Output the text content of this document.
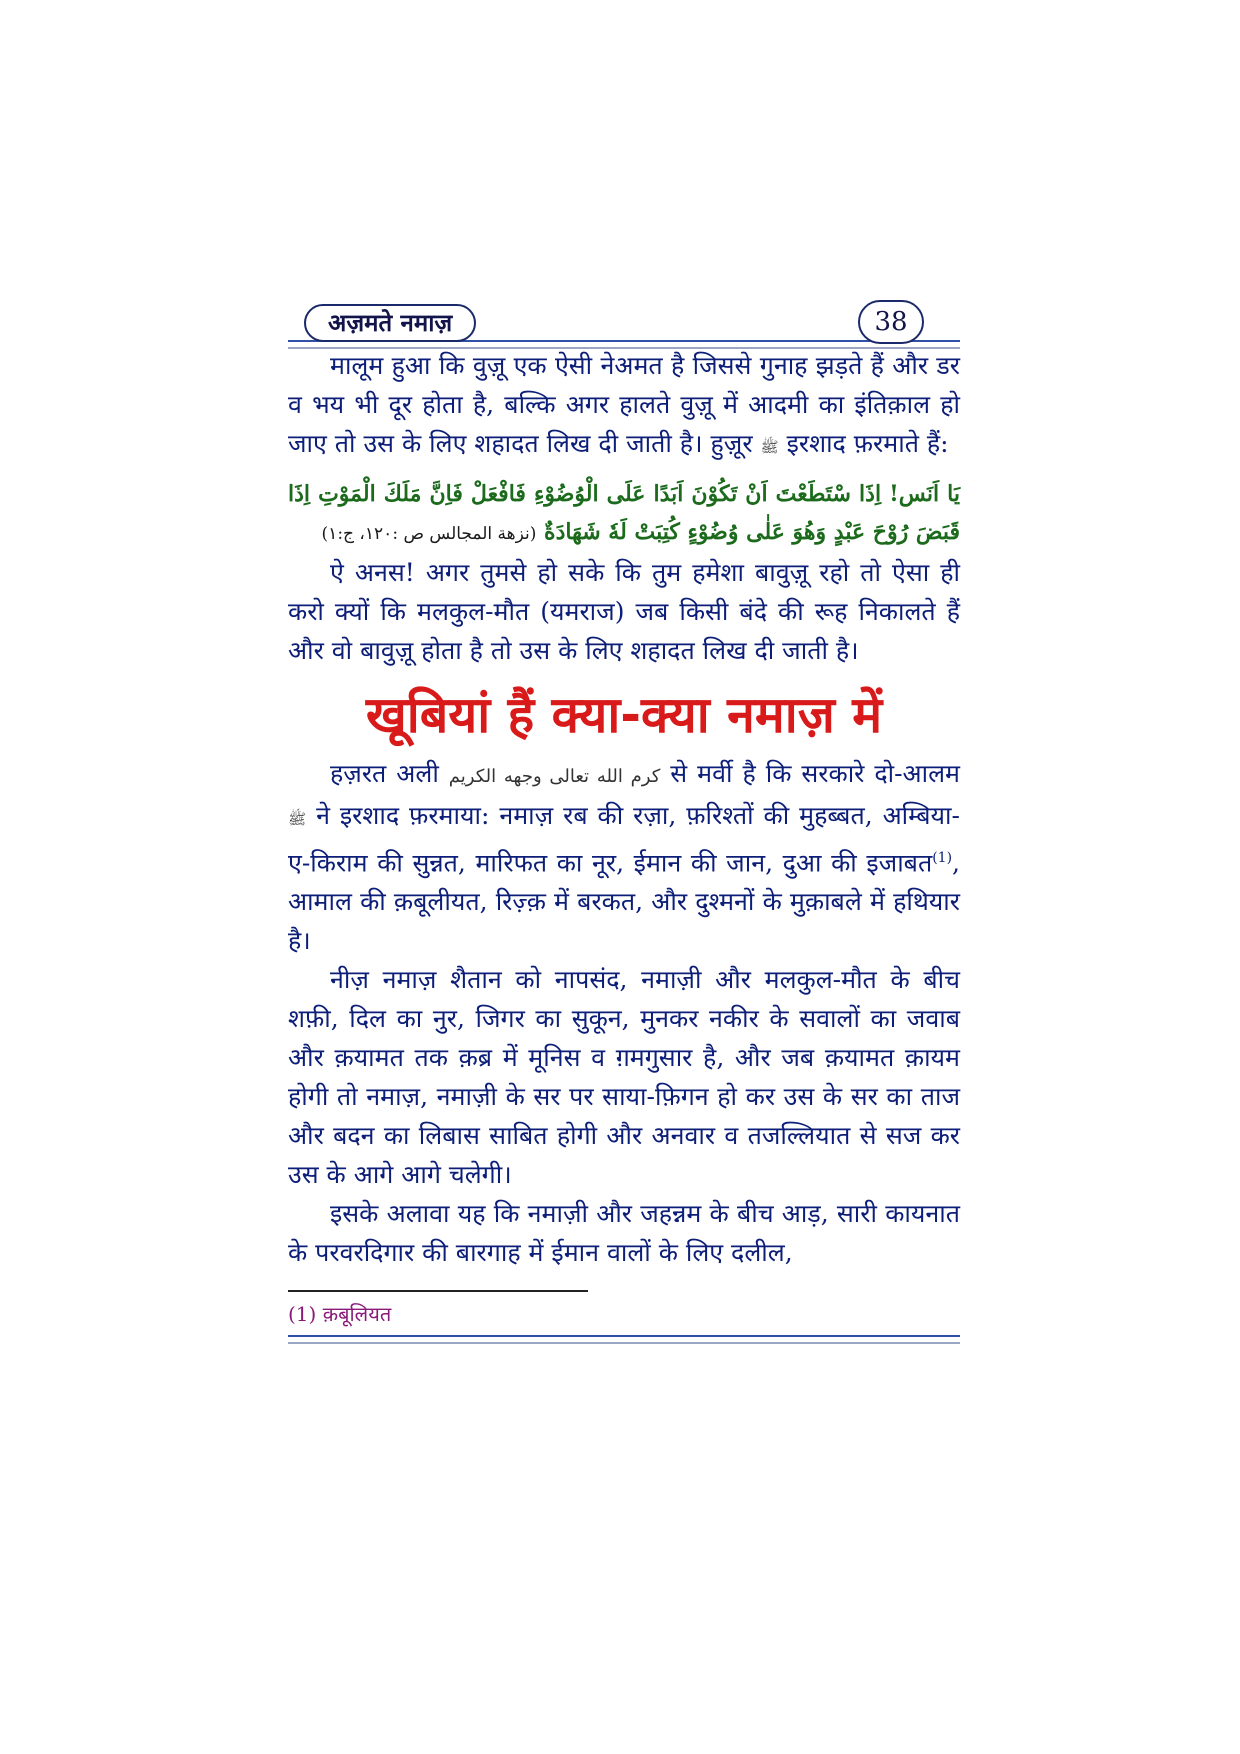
अज़मते नमाज़	38

मालूम हुआ कि वुज़ू एक ऐसी नेअमत है जिससे गुनाह झड़ते हैं और डर व भय भी दूर होता है, बल्कि अगर हालते वुज़ू में आदमी का इंतिक़ाल हो जाए तो उस के लिए शहादत लिख दी जाती है। हुज़ूर ﷺ इरशाद फ़रमाते हैं:

يَا اَنَس! اِذَا سْتَطَعْتَ اَنْ تَكُوْنَ اَبَدًا عَلَى الْوُضُوْءِ فَافْعَلْ فَاِنَّ مَلَكَ الْمَوْتِ اِذَا قَبَضَ رُوْحَ عَبْدٍ وَهُوَ عَلٰى وُضُوْءٍ كُتِبَتْ لَهٗ شَهَادَةٌ (نزهة المجالس ص :۱۲۰، ج:۱)

ऐ अनस! अगर तुमसे हो सके कि तुम हमेशा बावुज़ू रहो तो ऐसा ही करो क्यों कि मलकुल-मौत (यमराज) जब किसी बंदे की रूह निकालते हैं और वो बावुज़ू होता है तो उस के लिए शहादत लिख दी जाती है।

खूबियां हैं क्या-क्या नमाज़ में

हज़रत अली كرم الله تعالى وجهه الكريم से मर्वी है कि सरकारे दो-आलम ﷺ ने इरशाद फ़रमाया: नमाज़ रब की रज़ा, फ़रिश्तों की मुहब्बत, अम्बिया-ए-किराम की सुन्नत, मारिफत का नूर, ईमान की जान, दुआ की इजाबत$^{(1)}$, आमाल की क़बूलीयत, रिज़्क़ में बरकत, और दुश्मनों के मुक़ाबले में हथियार है।

नीज़ नमाज़ शैतान को नापसंद, नमाज़ी और मलकुल-मौत के बीच शफ़ी, दिल का नुर, जिगर का सुकून, मुनकर नकीर के सवालों का जवाब और क़यामत तक क़ब्र में मूनिस व ग़मगुसार है, और जब क़यामत क़ायम होगी तो नमाज़, नमाज़ी के सर पर साया-फ़िगन हो कर उस के सर का ताज और बदन का लिबास साबित होगी और अनवार व तजल्लियात से सज कर उस के आगे आगे चलेगी।

इसके अलावा यह कि नमाज़ी और जहन्नम के बीच आड़, सारी कायनात के परवरदिगार की बारगाह में ईमान वालों के लिए दलील,

(1) क़बूलियत
